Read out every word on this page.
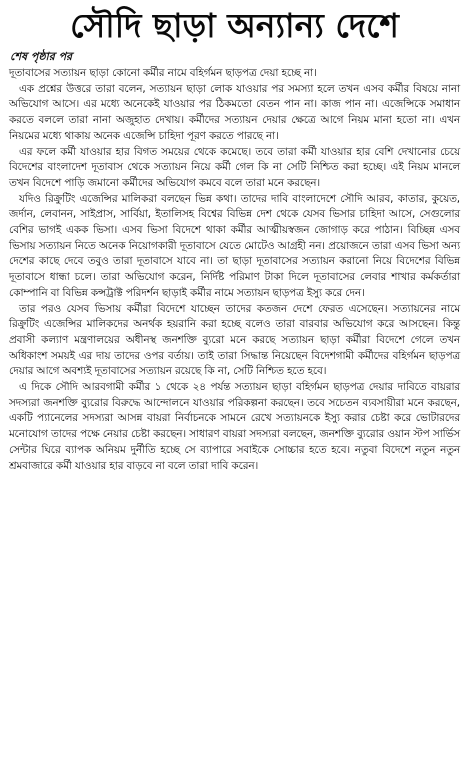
সৌদি ছাড়া অন্যান্য দেশে
শেষ পৃষ্ঠার পর

দূতাবাসের সত্যায়ন ছাড়া কোনো কর্মীর নামে বহির্গমন ছাড়পত্র দেয়া হচ্ছে না।

এক প্রশ্নের উত্তরে তারা বলেন, সত্যায়ন ছাড়া লোক যাওয়ার পর সমস্যা হলে তখন এসব কর্মীর বিষয়ে নানা অভিযোগ আসে। এর মধ্যে অনেকেই যাওয়ার পর ঠিকমতো বেতন পান না। কাজ পান না। এজেন্সিকে সমাধান করতে বললে তারা নানা অজুহাত দেখায়। কর্মীদের সত্যায়ন দেয়ার ক্ষেত্রে আগে নিয়ম মানা হতো না। এখন নিয়মের মধ্যে থাকায় অনেক এজেন্সি চাহিদা পূরণ করতে পারছে না।

এর ফলে কর্মী যাওয়ার হার বিগত সময়ের থেকে কমেছে। তবে তারা কর্মী যাওয়ার হার বেশি দেখানোর চেয়ে বিদেশের বাংলাদেশ দূতাবাস থেকে সত্যায়ন নিয়ে কর্মী গেল কি না সেটি নিশ্চিত করা হচ্ছে। এই নিয়ম মানলে তখন বিদেশে পাড়ি জমানো কর্মীদের অভিযোগ কমবে বলে তারা মনে করছেন।

যদিও রিক্রুটিং এজেন্সির মালিকরা বলছেন ভিন্ন কথা। তাদের দাবি বাংলাদেশে সৌদি আরব, কাতার, কুয়েত, জর্দান, লেবানন, সাইপ্রাস, সার্বিয়া, ইতালিসহ বিশ্বের বিভিন্ন দেশ থেকে যেসব ভিসার চাহিদা আসে, সেগুলোর বেশির ভাগই একক ভিসা। এসব ভিসা বিদেশে থাকা কর্মীর আত্মীয়স্বজন জোগাড় করে পাঠান। বিচ্ছিন্ন এসব ভিসায় সত্যায়ন নিতে অনেক নিয়োগকারী দূতাবাসে যেতে মোটেও আগ্রহী নন। প্রয়োজনে তারা এসব ভিসা অন্য দেশের কাছে দেবে তবুও তারা দূতাবাসে যাবে না। তা ছাড়া দূতাবাসের সত্যায়ন করানো নিয়ে বিদেশের বিভিন্ন দূতাবাসে ধান্ধা চলে। তারা অভিযোগ করেন, নির্দিষ্ট পরিমাণ টাকা দিলে দূতাবাসের লেবার শাখার কর্মকর্তারা কোম্পানি বা বিভিন্ন কন্সট্রাক্ট পরিদর্শন ছাড়াই কর্মীর নামে সত্যায়ন ছাড়পত্র ইস্যু করে দেন।

তার পরও যেসব ভিসায় কর্মীরা বিদেশে যাচ্ছেন তাদের কতজন দেশে ফেরত এসেছেন। সত্যায়নের নামে রিক্রুটিং এজেন্সির মালিকদের অনর্থক হয়রানি করা হচ্ছে বলেও তারা বারবার অভিযোগ করে আসছেন। কিন্তু প্রবাসী কল্যাণ মন্ত্রণালয়ের অধীনস্থ জনশক্তি ব্যুরো মনে করছে সত্যায়ন ছাড়া কর্মীরা বিদেশে গেলে তখন অধিকাংশ সময়ই এর দায় তাদের ওপর বর্তায়। তাই তারা সিদ্ধান্ত নিয়েছেন বিদেশগামী কর্মীদের বহির্গমন ছাড়পত্র দেয়ার আগে অবশ্যই দূতাবাসের সত্যায়ন রয়েছে কি না, সেটি নিশ্চিত হতে হবে।

এ দিকে সৌদি আরবগামী কর্মীর ১ থেকে ২৪ পর্যন্ত সত্যায়ন ছাড়া বহির্গমন ছাড়পত্র দেয়ার দাবিতে বায়রার সদস্যরা জনশক্তি ব্যুরোর বিরুদ্ধে আন্দোলনে যাওয়ার পরিকল্পনা করছেন। তবে সচেতন ব্যবসায়ীরা মনে করছেন, একটি প্যানেলের সদস্যরা আসন্ন বায়রা নির্বাচনকে সামনে রেখে সত্যায়নকে ইস্যু করার চেষ্টা করে ভোটারদের মনোযোগ তাদের পক্ষে নেয়ার চেষ্টা করছেন। সাধারণ বায়রা সদস্যরা বলছেন, জনশক্তি ব্যুরোর ওয়ান স্টপ সার্ভিস সেন্টার ঘিরে ব্যাপক অনিয়ম দুর্নীতি হচ্ছে সে ব্যাপারে সবাইকে সোচ্চার হতে হবে। নতুবা বিদেশে নতুন নতুন শ্রমবাজারে কর্মী যাওয়ার হার বাড়বে না বলে তারা দাবি করেন।
